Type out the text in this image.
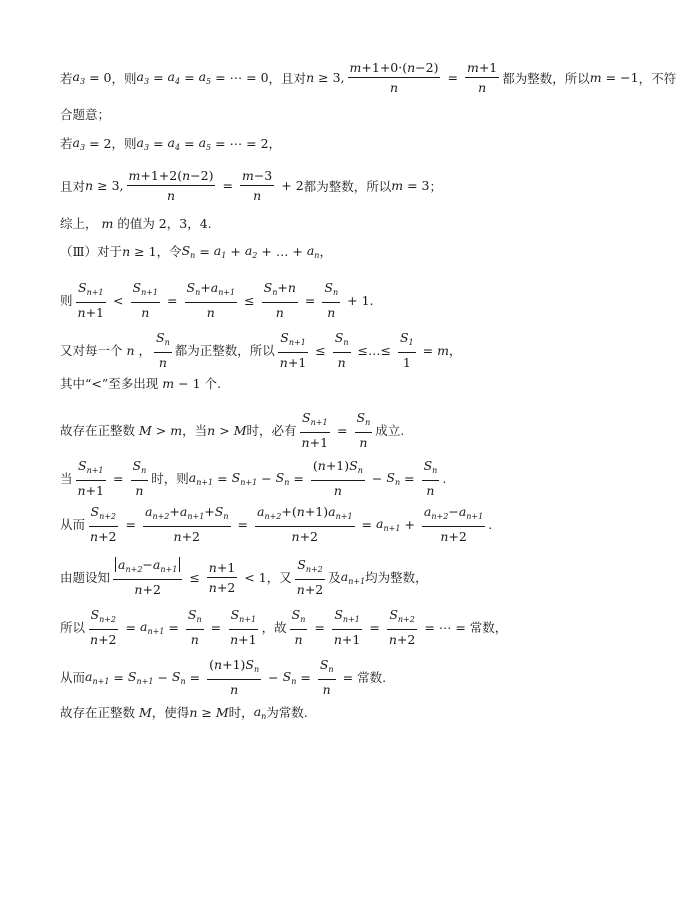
若 $a_3 = 0$ ，则 $a_3 = a_4 = a_5$ = ⋯ = 0 ，且对 n ≥ 3, $\frac{m+1+0\cdot(n-2)}{n} = \frac{m+1}{n}$ 都为整数，所以 m = −1 ，不符
合题意；
若 $a_3 = 2$ ，则 $a_3 = a_4 = a_5$ = ⋯ = 2 ，
且对 n ≥ 3, $\frac{m+1+2(n-2)}{n} = \frac{m-3}{n} + 2$ 都为整数，所以 m = 3 ；
综上， m 的值为 2，3，4.
（Ⅲ）对于 n ≥ 1 ，令 $S_n = a_1 + a_2$ + … + $a_n$ ，
则 $\frac{S_{n+1}}{n+1} < \frac{S_{n+1}}{n} = \frac{S_n+a_{n+1}}{n} \le \frac{S_n+n}{n} = \frac{S_n}{n} + 1$.
又对每一个 n ， $\frac{S_n}{n}$ 都为正整数，所以 $\frac{S_{n+1}}{n+1} \le \frac{S_n}{n}$ ≤…≤ $\frac{S_1}{1} = m$ ，
其中“<”至多出现 m − 1 个.
故存在正整数 M > m ，当 n > M 时，必有 $\frac{S_{n+1}}{n+1} = \frac{S_n}{n}$ 成立.
当 $\frac{S_{n+1}}{n+1} = \frac{S_n}{n}$ 时，则 $a_{n+1} = S_{n+1} - S_n = \frac{(n+1)S_n}{n} - S_n = \frac{S_n}{n}$ .
从而 $\frac{S_{n+2}}{n+2} = \frac{a_{n+2}+a_{n+1}+S_n}{n+2} = \frac{a_{n+2}+(n+1)a_{n+1}}{n+2} = a_{n+1} + \frac{a_{n+2}-a_{n+1}}{n+2}$ .
由题设知 $\frac{a_{n+2}-a_{n+1}}{n+2} \le \frac{n+1}{n+2} < 1$ ，又 $\frac{S_{n+2}}{n+2}$ 及 $a_{n+1}$ 均为整数，
所以 $\frac{S_{n+2}}{n+2} = a_{n+1} = \frac{S_n}{n} = \frac{S_{n+1}}{n+1}$ ，故 $\frac{S_n}{n} = \frac{S_{n+1}}{n+1} = \frac{S_{n+2}}{n+2}$ = ⋯ = 常数，
从而 $a_{n+1} = S_{n+1} - S_n = \frac{(n+1)S_n}{n} - S_n = \frac{S_n}{n}$ = 常数.
故存在正整数 M ，使得 n ≥ M 时， $a_n$ 为常数.
